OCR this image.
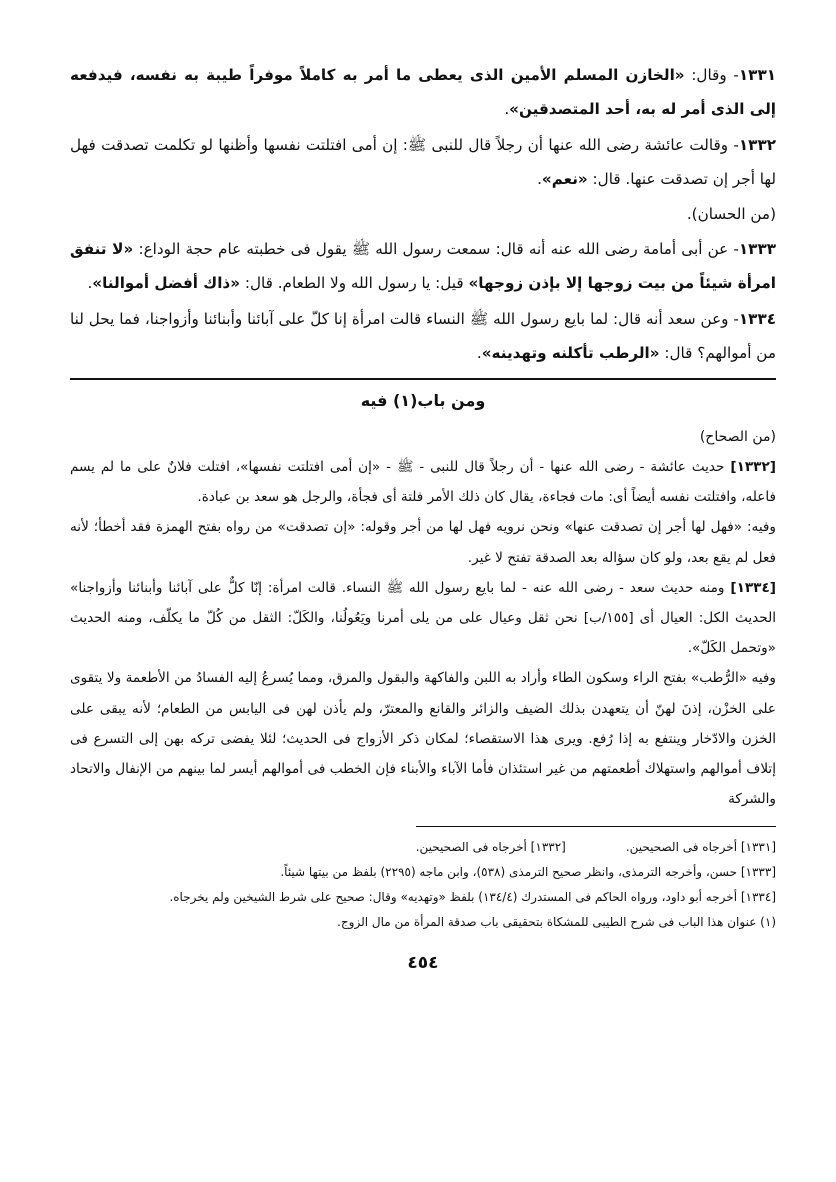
١٣٣١- وقال: «الخازن المسلم الأمين الذى يعطى ما أمر به كاملاً موفراً طيبة به نفسه، فيدفعه إلى الذى أمر له به، أحد المتصدقين».

١٣٣٢- وقالت عائشة رضى الله عنها أن رجلاً قال للنبى ﷺ: إن أمى افتلتت نفسها وأظنها لو تكلمت تصدقت فهل لها أجر إن تصدقت عنها. قال: «نعم».

(من الحسان).

١٣٣٣- عن أبى أمامة رضى الله عنه أنه قال: سمعت رسول الله ﷺ يقول فى خطبته عام حجة الوداع: «لا تنفق امرأة شيئاً من بيت زوجها إلا بإذن زوجها» قيل: يا رسول الله ولا الطعام. قال: «ذاك أفضل أموالنا».

١٣٣٤- وعن سعد أنه قال: لما بايع رسول الله ﷺ النساء قالت امرأة إنا كلّ على آبائنا وأبنائنا وأزواجنا، فما يحل لنا من أموالهم؟ قال: «الرطب تأكلنه وتهدينه».

ومن باب(١) فيه

(من الصحاح)

[١٣٣٢] حديث عائشة - رضى الله عنها - أن رجلاً قال للنبى - ﷺ - «إن أمى افتلتت نفسها»، افتلت فلانٌ على ما لم يسم فاعله، وافتلتت نفسه أيضاً أى: مات فجاءة، يقال كان ذلك الأمر فلتة أى فجأة، والرجل هو سعد بن عبادة.

وفيه: «فهل لها أجر إن تصدقت عنها» ونحن نرويه فهل لها من أجر وقوله: «إن تصدقت» من رواه بفتح الهمزة فقد أخطأ؛ لأنه فعل لم يقع بعد، ولو كان سؤاله بعد الصدقة تفتح لا غير.

[١٣٣٤] ومنه حديث سعد - رضى الله عنه - لما بايع رسول الله ﷺ النساء. قالت امرأة: إنّا كلٌّ على آبائنا وأبنائنا وأزواجنا» الحديث الكل: العيال أى [١٥٥/ب] نحن ثقل وعيال على من يلى أمرنا ويَعُولُنا، والكَلّ: الثقل من كُلّ ما يكلّف، ومنه الحديث «وتحمل الكَلّ».

وفيه «الرُّطب» بفتح الراء وسكون الطاء وأراد به اللبن والفاكهة والبقول والمرق، ومما يُسرعُ إليه الفسادُ من الأطعمة ولا يتقوى على الخزْن، إذنَ لهنّ أن يتعهدن بذلك الضيف والزائر والقانع والمعترّ، ولم يأذن لهن فى اليابس من الطعام؛ لأنه يبقى على الخزن والادّخار وينتفع به إذا رُفع. ويرى هذا الاستقصاء؛ لمكان ذكر الأزواج فى الحديث؛ لئلا يفضى تركه بهن إلى التسرع فى إتلاف أموالهم واستهلاك أطعمتهم من غير استئذان فأما الآباء والأبناء فإن الخطب فى أموالهم أيسر لما بينهم من الإنفال والاتحاد والشركة

[١٣٣١] أخرجاه فى الصحيحين.

[١٣٣٢] أخرجاه فى الصحيحين.

[١٣٣٣] حسن، وأخرجه الترمذى، وانظر صحيح الترمذى (٥٣٨)، وابن ماجه (٢٢٩٥) بلفظ من بيتها شيئاً.

[١٣٣٤] أخرجه أبو داود، ورواه الحاكم فى المستدرك (١٣٤/٤) بلفظ «وتهديه» وقال: صحيح على شرط الشيخين ولم يخرجاه.

(١) عنوان هذا الباب فى شرح الطيبى للمشكاة بتحقيقى باب صدقة المرأة من مال الزوج.

٤٥٤
